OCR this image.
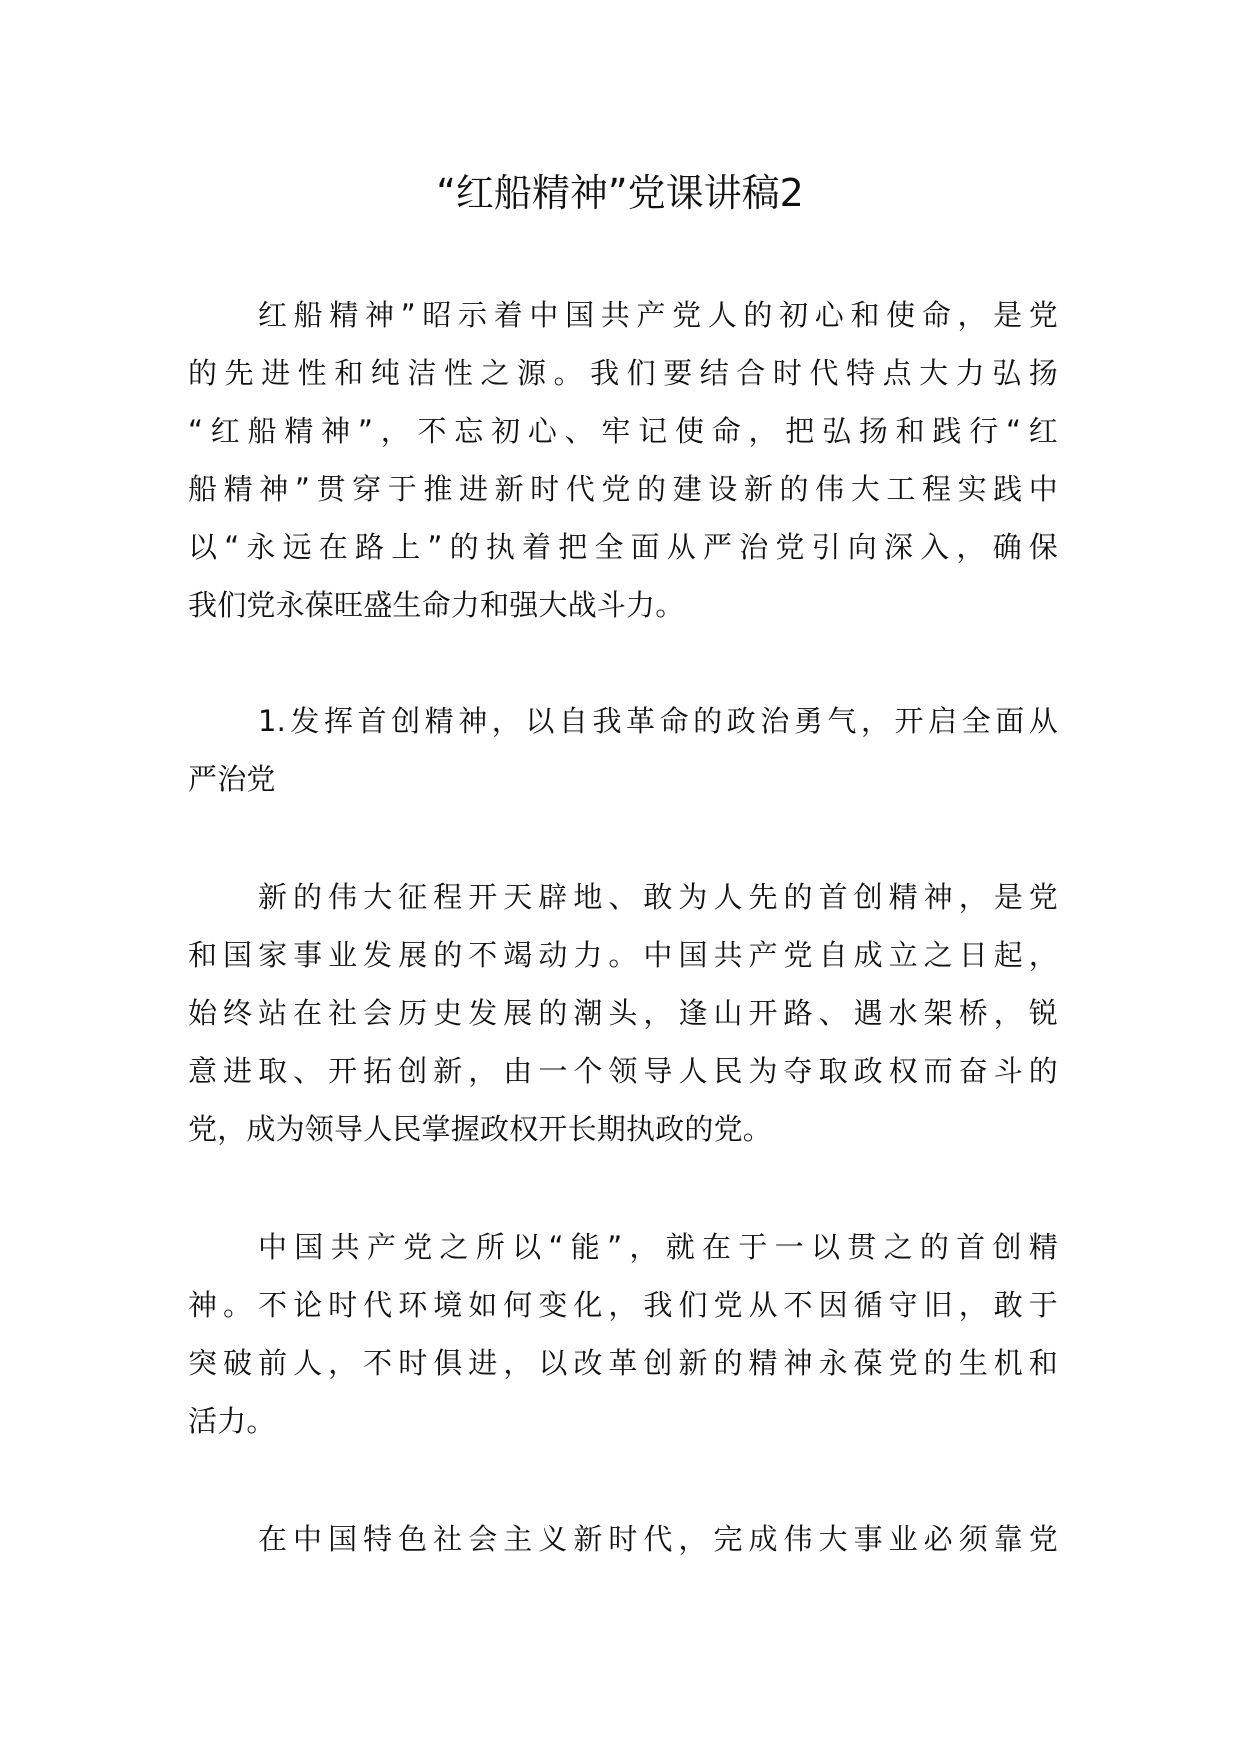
“红船精神”党课讲稿2
红船精神”昭示着中国共产党人的初心和使命，是党
的先进性和纯洁性之源。我们要结合时代特点大力弘扬
“红船精神”，不忘初心、牢记使命，把弘扬和践行“红
船精神”贯穿于推进新时代党的建设新的伟大工程实践中
以“永远在路上”的执着把全面从严治党引向深入，确保
我们党永葆旺盛生命力和强大战斗力。
1.发挥首创精神，以自我革命的政治勇气，开启全面从
严治党
新的伟大征程开天辟地、敢为人先的首创精神，是党
和国家事业发展的不竭动力。中国共产党自成立之日起，
始终站在社会历史发展的潮头，逢山开路、遇水架桥，锐
意进取、开拓创新，由一个领导人民为夺取政权而奋斗的
党，成为领导人民掌握政权开长期执政的党。
中国共产党之所以“能”，就在于一以贯之的首创精
神。不论时代环境如何变化，我们党从不因循守旧，敢于
突破前人，不时俱进，以改革创新的精神永葆党的生机和
活力。
在中国特色社会主义新时代，完成伟大事业必须靠党
